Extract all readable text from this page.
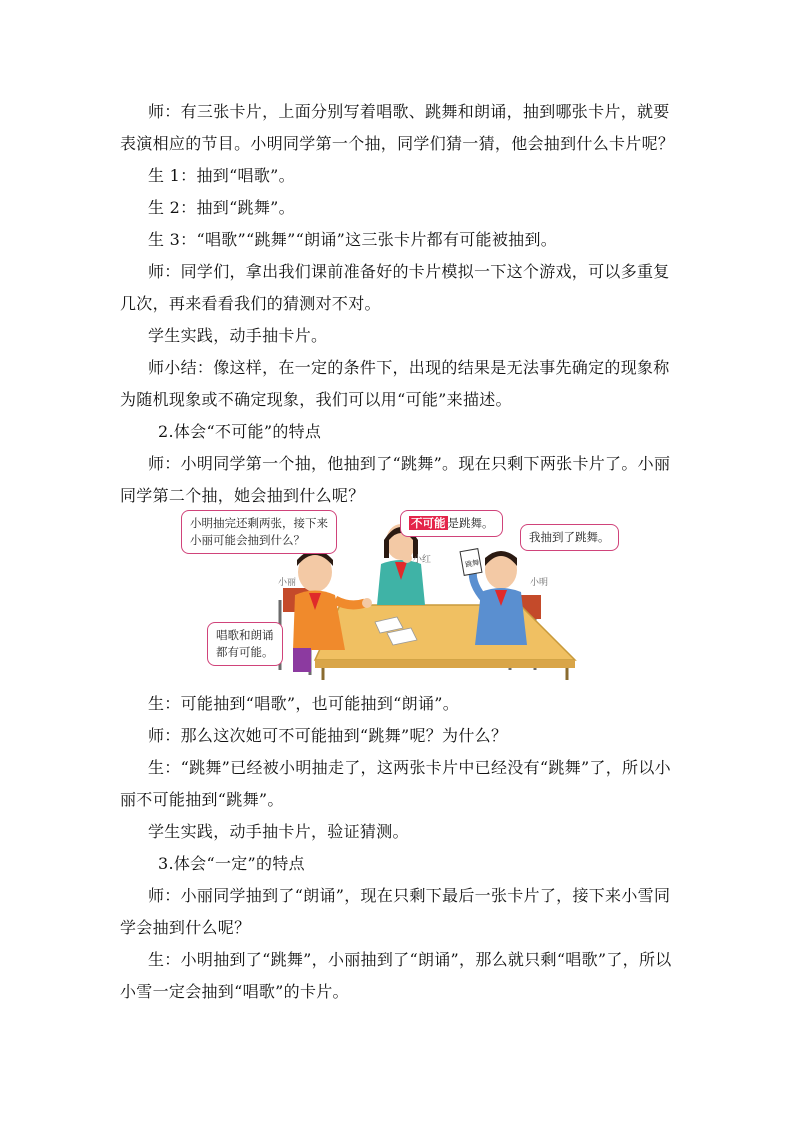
师：有三张卡片，上面分别写着唱歌、跳舞和朗诵，抽到哪张卡片，就要表演相应的节目。小明同学第一个抽，同学们猜一猜，他会抽到什么卡片呢？
生 1：抽到“唱歌”。
生 2：抽到“跳舞”。
生 3：“唱歌”“跳舞”“朗诵”这三张卡片都有可能被抽到。
师：同学们，拿出我们课前准备好的卡片模拟一下这个游戏，可以多重复几次，再来看看我们的猜测对不对。
学生实践，动手抽卡片。
师小结：像这样，在一定的条件下，出现的结果是无法事先确定的现象称为随机现象或不确定现象，我们可以用“可能”来描述。
2.体会“不可能”的特点
师：小明同学第一个抽，他抽到了“跳舞”。现在只剩下两张卡片了。小丽同学第二个抽，她会抽到什么呢？
跳舞
小丽
小红
小明
小明抽完还剩两张，接下来
小丽可能会抽到什么？
不可能 是跳舞。
我抽到了跳舞。
唱歌和朗诵
都有可能。
生：可能抽到“唱歌”，也可能抽到“朗诵”。
师：那么这次她可不可能抽到“跳舞”呢？为什么？
生：“跳舞”已经被小明抽走了，这两张卡片中已经没有“跳舞”了，所以小丽不可能抽到“跳舞”。
学生实践，动手抽卡片，验证猜测。
3.体会“一定”的特点
师：小丽同学抽到了“朗诵”，现在只剩下最后一张卡片了，接下来小雪同学会抽到什么呢？
生：小明抽到了“跳舞”，小丽抽到了“朗诵”，那么就只剩“唱歌”了，所以小雪一定会抽到“唱歌”的卡片。
